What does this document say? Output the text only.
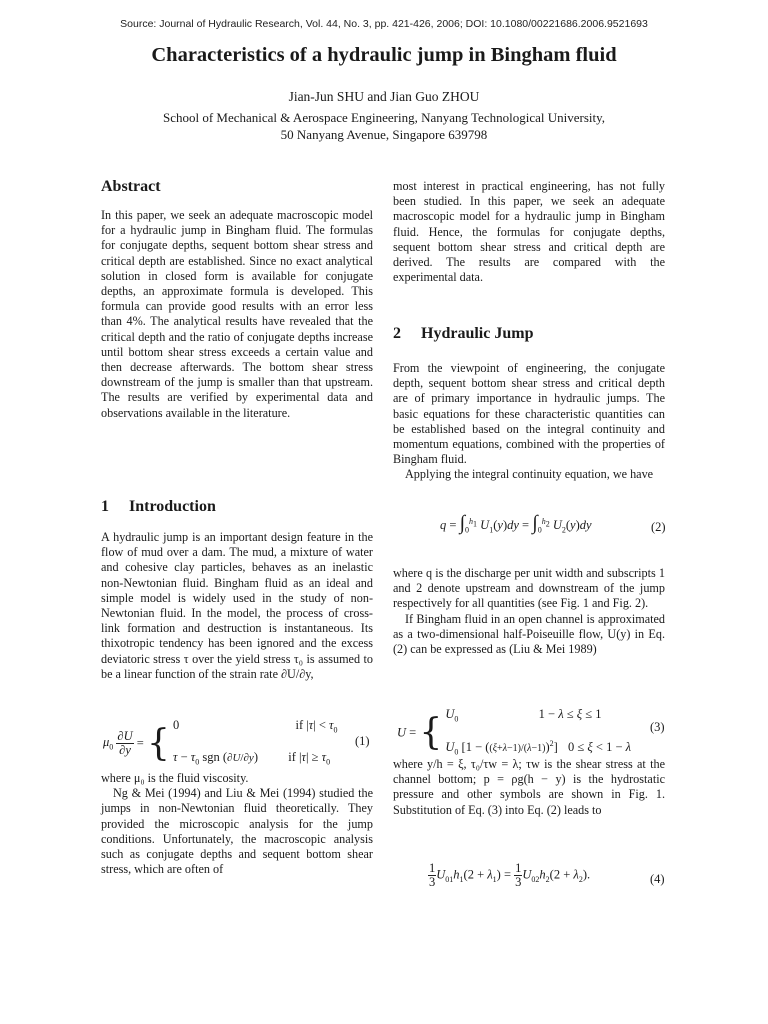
Source: Journal of Hydraulic Research, Vol. 44, No. 3, pp. 421-426, 2006; DOI: 10.1080/00221686.2006.9521693
Characteristics of a hydraulic jump in Bingham fluid
Jian-Jun SHU and Jian Guo ZHOU
School of Mechanical & Aerospace Engineering, Nanyang Technological University,
50 Nanyang Avenue, Singapore 639798
Abstract

In this paper, we seek an adequate macroscopic model for a hydraulic jump in Bingham fluid. The formulas for conjugate depths, sequent bottom shear stress and critical depth are established. Since no exact analytical solution in closed form is available for conjugate depths, an approximate formula is developed. This formula can provide good results with an error less than 4%. The analytical results have revealed that the critical depth and the ratio of conjugate depths increase until bottom shear stress exceeds a certain value and then decrease afterwards. The bottom shear stress downstream of the jump is smaller than that upstream. The results are verified by experimental data and observations available in the literature.

1 Introduction

A hydraulic jump is an important design feature in the flow of mud over a dam. The mud, a mixture of water and cohesive clay particles, behaves as an inelastic non-Newtonian fluid. Bingham fluid as an ideal and simple model is widely used in the study of non-Newtonian fluid. In the model, the process of cross-link formation and destruction is instantaneous. Its thixotropic tendency has been ignored and the excess deviatoric stress τ over the yield stress τ₀ is assumed to be a linear function of the strain rate ∂U/∂y,

$\mu_0 \frac{\partial U}{\partial y}$ = { 0	if $|\tau| < \tau_0$
$\tau - \tau_0$ sgn (∂U/∂y)  if $|\tau| \ge \tau_0$
(1)

where μ₀ is the fluid viscosity.

Ng & Mei (1994) and Liu & Mei (1994) studied the jumps in non-Newtonian fluid theoretically. They provided the microscopic analysis for the jump conditions. Unfortunately, the macroscopic analysis such as conjugate depths and sequent bottom shear stress, which are often of

most interest in practical engineering, has not fully been studied. In this paper, we seek an adequate macroscopic model for a hydraulic jump in Bingham fluid. Hence, the formulas for conjugate depths, sequent bottom shear stress and critical depth are derived. The results are compared with the experimental data.

2 Hydraulic Jump

From the viewpoint of engineering, the conjugate depth, sequent bottom shear stress and critical depth are of primary importance in hydraulic jumps. The basic equations for these characteristic quantities can be established based on the integral continuity and momentum equations, combined with the properties of Bingham fluid.

Applying the integral continuity equation, we have

$q = \int_0^{h_1}$ $U_1(y)dy = \int_0^{h_2}$ $U_2(y)dy$	(2)

where q is the discharge per unit width and subscripts 1 and 2 denote upstream and downstream of the jump respectively for all quantities (see Fig. 1 and Fig. 2).

If Bingham fluid in an open channel is approximated as a two-dimensional half-Poiseuille flow, U(y) in Eq. (2) can be expressed as (Liu & Mei 1989)

U = { $U_0$	1 − λ ≤ ξ ≤ 1
$U_0$ $[1 - ((\xi+\lambda-1)/(\lambda-1))^2]$  0 ≤ ξ < 1 − λ
(3)

where y/h = ξ, τ₀/τw = λ; τw is the shear stress at the channel bottom; p = ρg(h − y) is the hydrostatic pressure and other symbols are shown in Fig. 1. Substitution of Eq. (3) into Eq. (2) leads to

$\frac{1}{3} U_{01}h_1(2 + \lambda_1) = \frac{1}{3} U_{02}h_2(2 + \lambda_2)$.	(4)
